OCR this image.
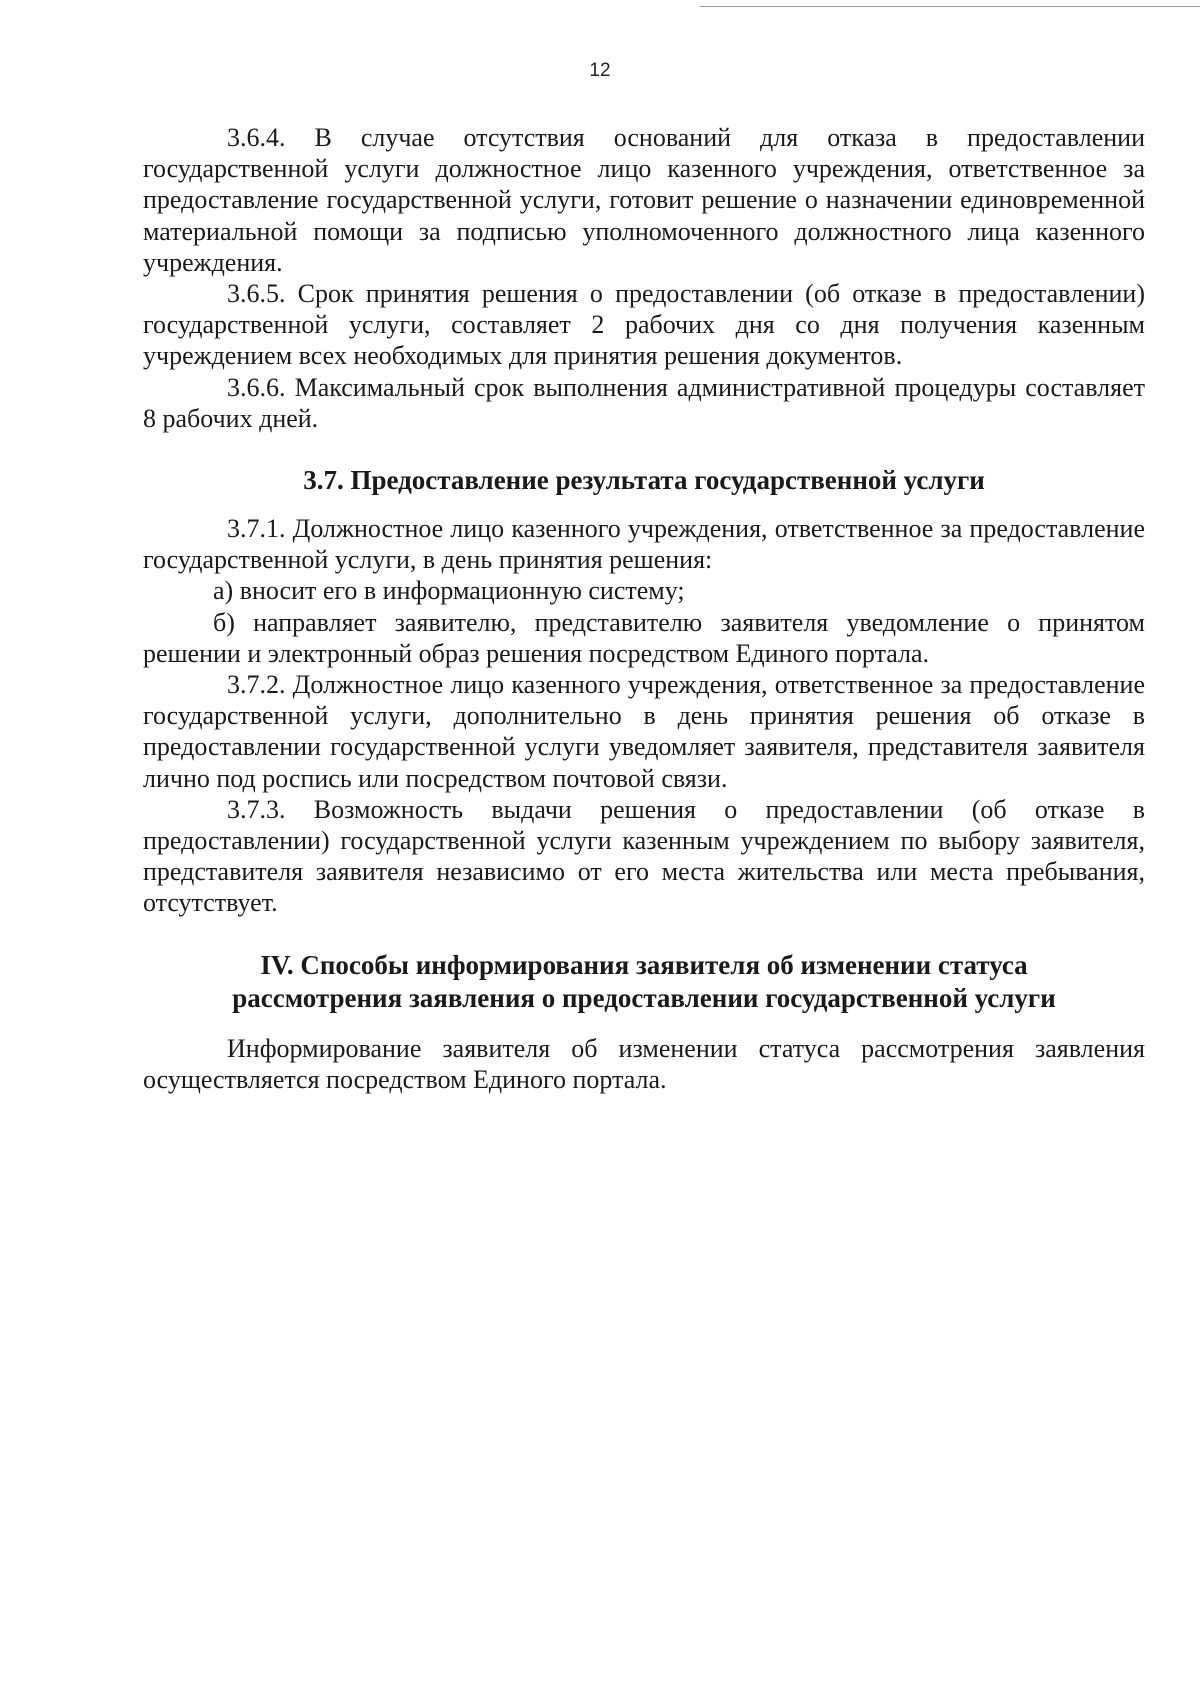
12

3.6.4. В случае отсутствия оснований для отказа в предоставлении государственной услуги должностное лицо казенного учреждения, ответственное за предоставление государственной услуги, готовит решение о назначении единовременной материальной помощи за подписью уполномоченного должностного лица казенного учреждения.

3.6.5. Срок принятия решения о предоставлении (об отказе в предоставлении) государственной услуги, составляет 2 рабочих дня со дня получения казенным учреждением всех необходимых для принятия решения документов.

3.6.6. Максимальный срок выполнения административной процедуры составляет 8 рабочих дней.

3.7. Предоставление результата государственной услуги

3.7.1. Должностное лицо казенного учреждения, ответственное за предоставление государственной услуги, в день принятия решения:

а) вносит его в информационную систему;

б) направляет заявителю, представителю заявителя уведомление о принятом решении и электронный образ решения посредством Единого портала.

3.7.2. Должностное лицо казенного учреждения, ответственное за предоставление государственной услуги, дополнительно в день принятия решения об отказе в предоставлении государственной услуги уведомляет заявителя, представителя заявителя лично под роспись или посредством почтовой связи.

3.7.3. Возможность выдачи решения о предоставлении (об отказе в предоставлении) государственной услуги казенным учреждением по выбору заявителя, представителя заявителя независимо от его места жительства или места пребывания, отсутствует.

IV. Способы информирования заявителя об изменении статуса
рассмотрения заявления о предоставлении государственной услуги

Информирование заявителя об изменении статуса рассмотрения заявления осуществляется посредством Единого портала.
